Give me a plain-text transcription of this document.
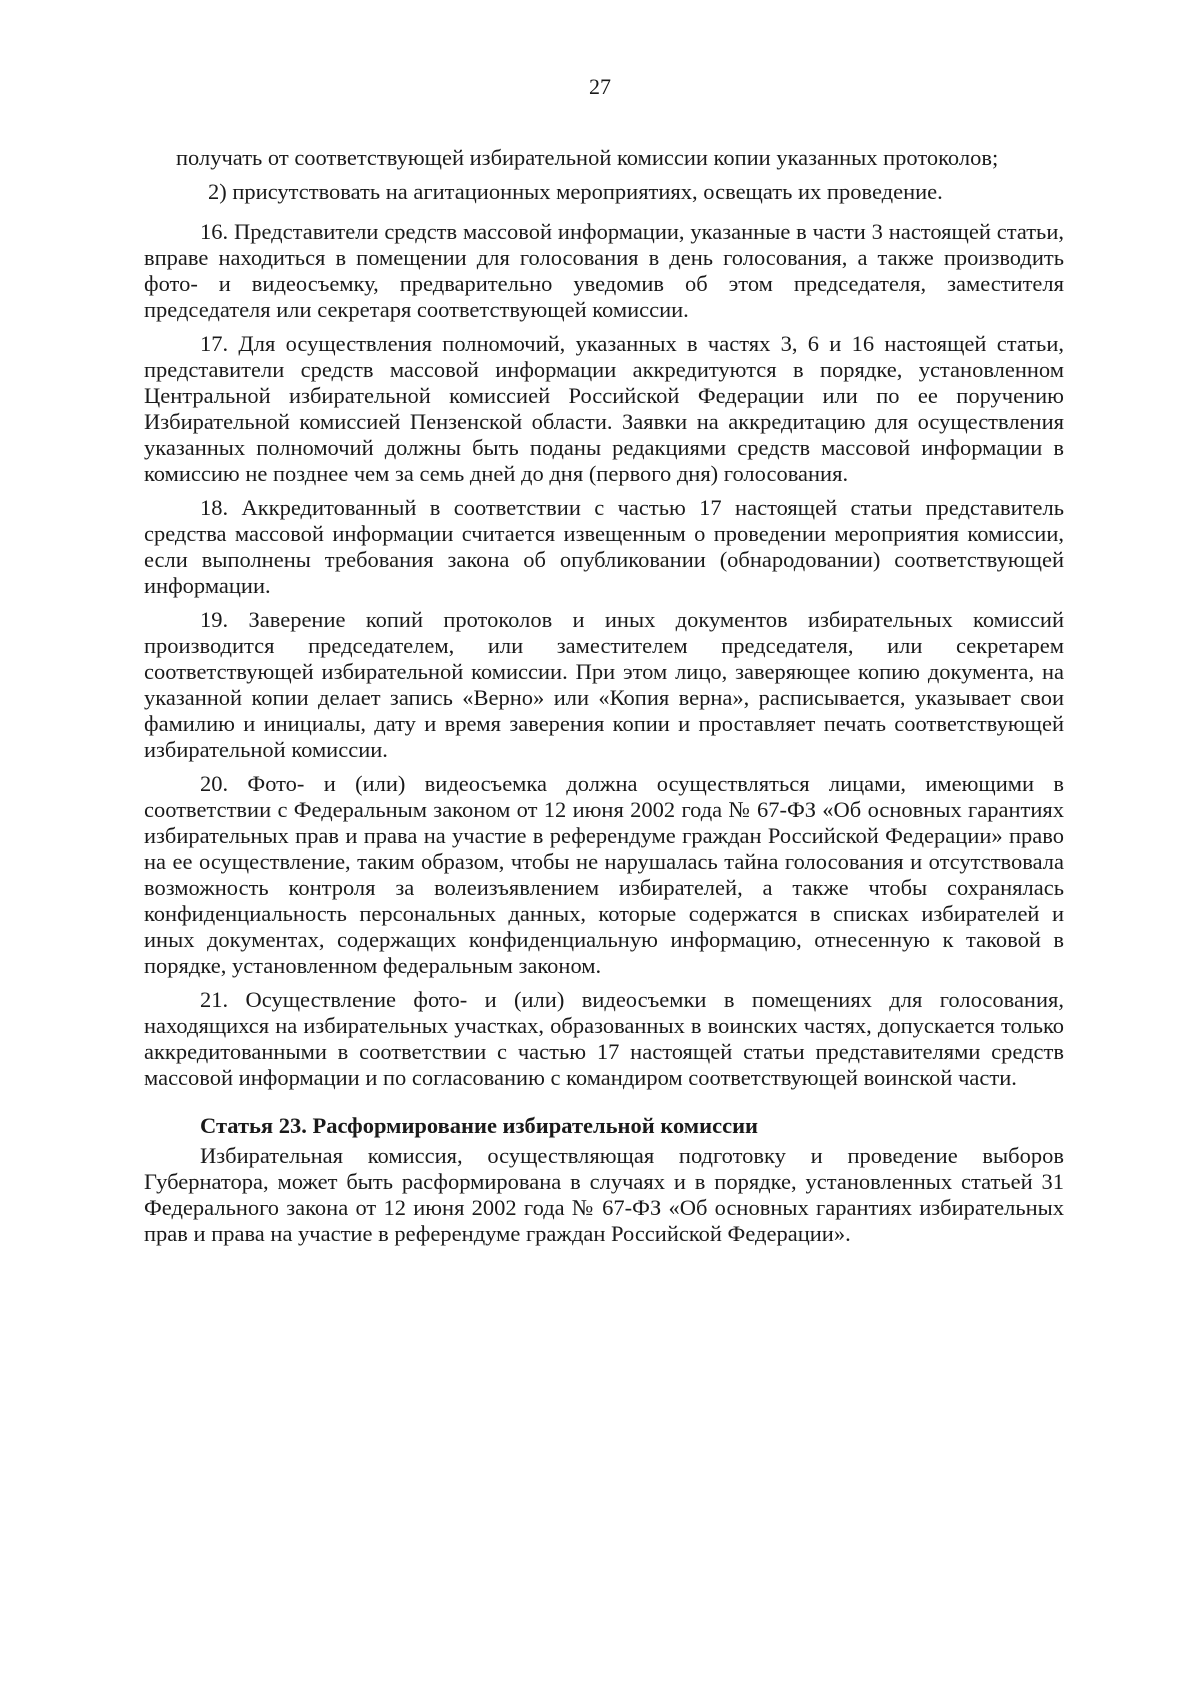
27

получать от соответствующей избирательной комиссии копии указанных протоколов;

2) присутствовать на агитационных мероприятиях, освещать их проведение.

16. Представители средств массовой информации, указанные в части 3 настоящей статьи, вправе находиться в помещении для голосования в день голосования, а также производить фото- и видеосъемку, предварительно уведомив об этом председателя, заместителя председателя или секретаря соответствующей комиссии.

17. Для осуществления полномочий, указанных в частях 3, 6 и 16 настоящей статьи, представители средств массовой информации аккредитуются в порядке, установленном Центральной избирательной комиссией Российской Федерации или по ее поручению Избирательной комиссией Пензенской области. Заявки на аккредитацию для осуществления указанных полномочий должны быть поданы редакциями средств массовой информации в комиссию не позднее чем за семь дней до дня (первого дня) голосования.

18. Аккредитованный в соответствии с частью 17 настоящей статьи представитель средства массовой информации считается извещенным о проведении мероприятия комиссии, если выполнены требования закона об опубликовании (обнародовании) соответствующей информации.

19. Заверение копий протоколов и иных документов избирательных комиссий производится председателем, или заместителем председателя, или секретарем соответствующей избирательной комиссии. При этом лицо, заверяющее копию документа, на указанной копии делает запись «Верно» или «Копия верна», расписывается, указывает свои фамилию и инициалы, дату и время заверения копии и проставляет печать соответствующей избирательной комиссии.

20. Фото- и (или) видеосъемка должна осуществляться лицами, имеющими в соответствии с Федеральным законом от 12 июня 2002 года № 67-ФЗ «Об основных гарантиях избирательных прав и права на участие в референдуме граждан Российской Федерации» право на ее осуществление, таким образом, чтобы не нарушалась тайна голосования и отсутствовала возможность контроля за волеизъявлением избирателей, а также чтобы сохранялась конфиденциальность персональных данных, которые содержатся в списках избирателей и иных документах, содержащих конфиденциальную информацию, отнесенную к таковой в порядке, установленном федеральным законом.

21. Осуществление фото- и (или) видеосъемки в помещениях для голосования, находящихся на избирательных участках, образованных в воинских частях, допускается только аккредитованными в соответствии с частью 17 настоящей статьи представителями средств массовой информации и по согласованию с командиром соответствующей воинской части.

Статья 23. Расформирование избирательной комиссии

Избирательная комиссия, осуществляющая подготовку и проведение выборов Губернатора, может быть расформирована в случаях и в порядке, установленных статьей 31 Федерального закона от 12 июня 2002 года № 67-ФЗ «Об основных гарантиях избирательных прав и права на участие в референдуме граждан Российской Федерации».
